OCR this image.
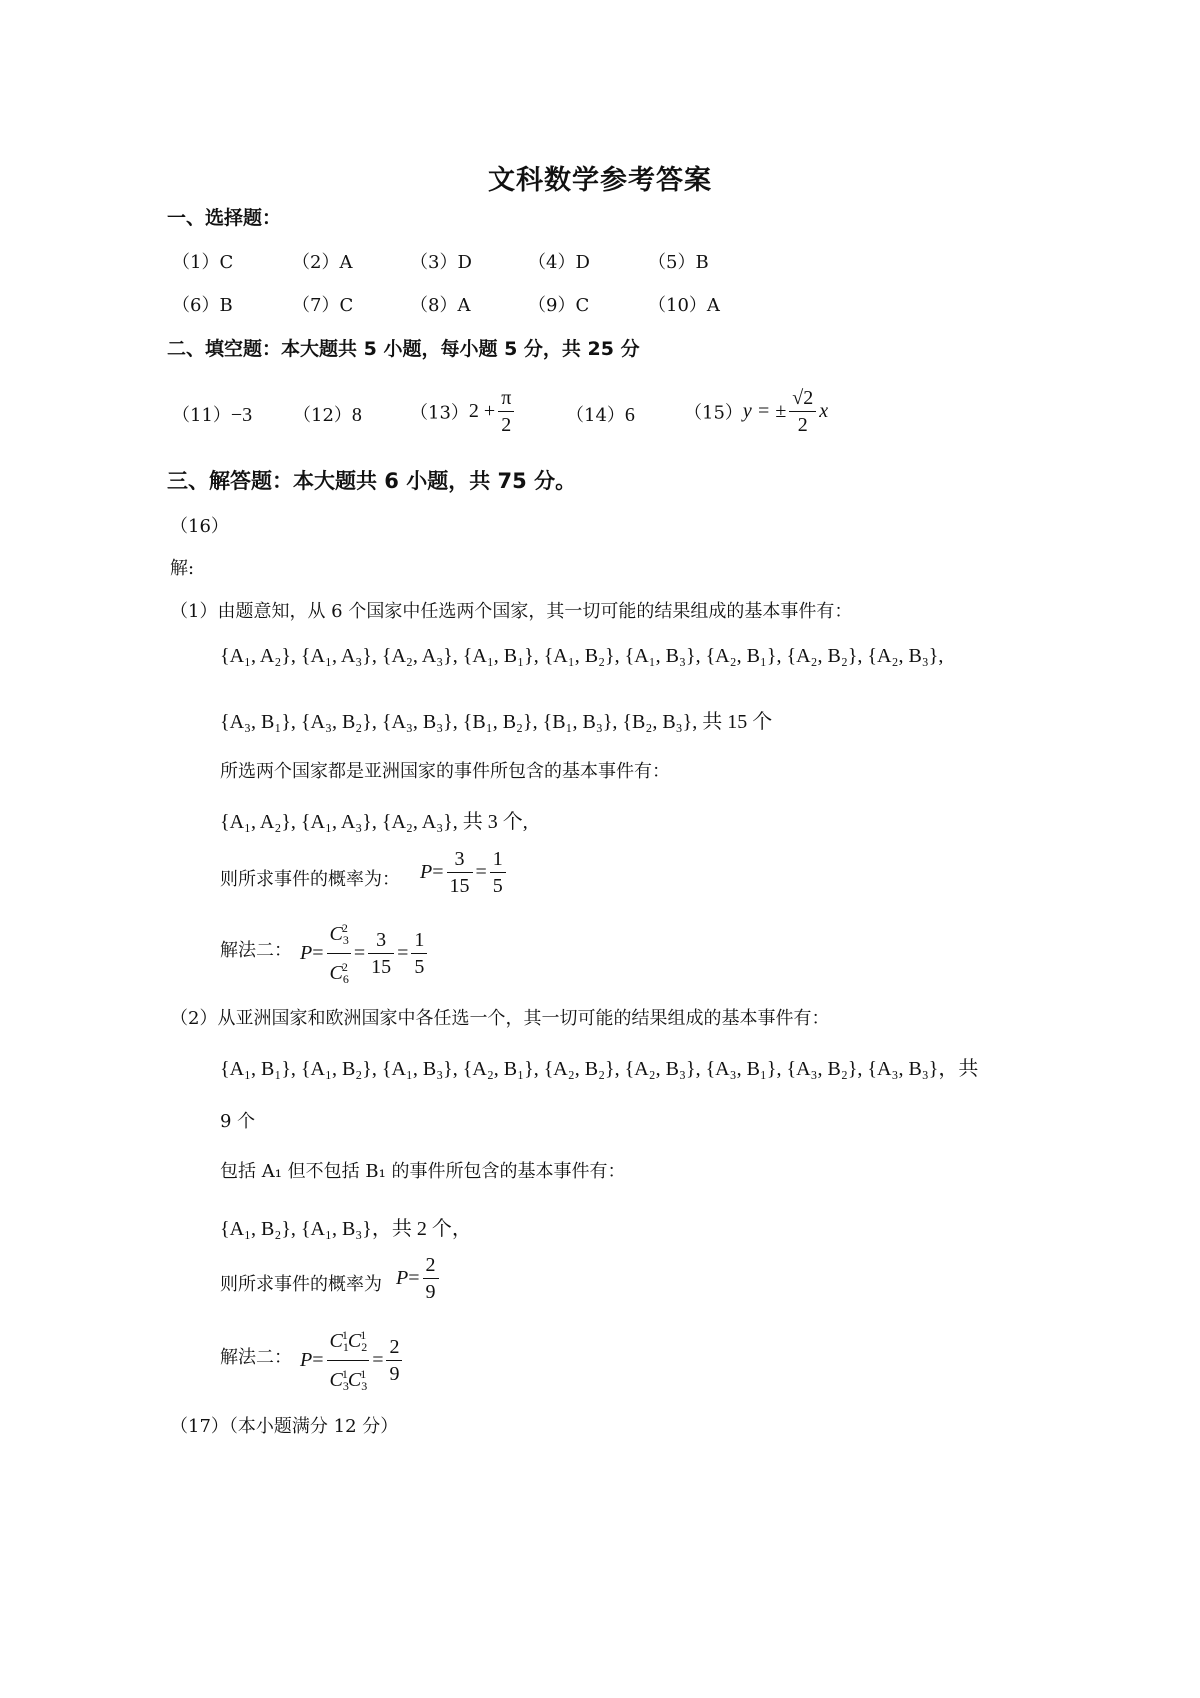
文科数学参考答案
一、选择题：
（1）C	（2）A	（3）D	（4）D	（5）B
（6）B	（7）C	（8）A	（9）C	（10）A
二、填空题：本大题共 5 小题，每小题 5 分，共 25 分
（11）−3 （12）8	$(13)2 + \frac{\pi}{2}$	（14）6	（15）y = ± $\frac{√2}{2}$ x
三、解答题：本大题共 6 小题，共 75 分。
（16）
解:
（1）由题意知，从 6 个国家中任选两个国家，其一切可能的结果组成的基本事件有：
{A₁, A₂}, {A₁, A₃}, {A₂, A₃}, {A₁, B₁}, {A₁, B₂}, {A₁, B₃}, {A₂, B₁}, {A₂, B₂}, {A₂, B₃},
{A₃, B₁}, {A₃, B₂}, {A₃, B₃}, {B₁, B₂}, {B₁, B₃}, {B₂, B₃}, 共 15 个
所选两个国家都是亚洲国家的事件所包含的基本事件有：
{A₁, A₂}, {A₁, A₃}, {A₂, A₃}, 共 3 个,
则所求事件的概率为： $P= \frac{3}{15} = \frac{1}{5}$
解法二： $P= \frac{C_3^2}{C_6^2} = \frac{3}{15} = \frac{1}{5}$
（2）从亚洲国家和欧洲国家中各任选一个，其一切可能的结果组成的基本事件有：
{A₁, B₁}, {A₁, B₂}, {A₁, B₃}, {A₂, B₁}, {A₂, B₂}, {A₂, B₃}, {A₃, B₁}, {A₃, B₂}, {A₃, B₃}，共
9 个
包括 A₁ 但不包括 B₁ 的事件所包含的基本事件有：
{A₁, B₂}, {A₁, B₃}，共 2 个，
则所求事件的概率为 $P= \frac{2}{9}$
解法二： $P= \frac{C_1^1C_2^1}{C_3^1C_3^1} = \frac{2}{9}$
（17）（本小题满分 12 分）
